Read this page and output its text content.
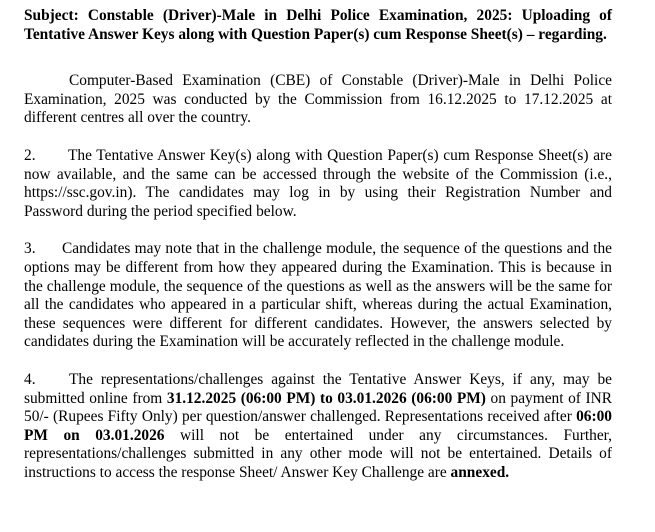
Subject: Constable (Driver)-Male in Delhi Police Examination, 2025: Uploading of Tentative Answer Keys along with Question Paper(s) cum Response Sheet(s) – regarding.

Computer-Based Examination (CBE) of Constable (Driver)-Male in Delhi Police Examination, 2025 was conducted by the Commission from 16.12.2025 to 17.12.2025 at different centres all over the country.

2. The Tentative Answer Key(s) along with Question Paper(s) cum Response Sheet(s) are now available, and the same can be accessed through the website of the Commission (i.e., https://ssc.gov.in). The candidates may log in by using their Registration Number and Password during the period specified below.

3. Candidates may note that in the challenge module, the sequence of the questions and the options may be different from how they appeared during the Examination. This is because in the challenge module, the sequence of the questions as well as the answers will be the same for all the candidates who appeared in a particular shift, whereas during the actual Examination, these sequences were different for different candidates. However, the answers selected by candidates during the Examination will be accurately reflected in the challenge module.

4. The representations/challenges against the Tentative Answer Keys, if any, may be submitted online from 31.12.2025 (06:00 PM) to 03.01.2026 (06:00 PM) on payment of INR 50/- (Rupees Fifty Only) per question/answer challenged. Representations received after 06:00 PM on 03.01.2026 will not be entertained under any circumstances. Further, representations/challenges submitted in any other mode will not be entertained. Details of instructions to access the response Sheet/ Answer Key Challenge are annexed.
